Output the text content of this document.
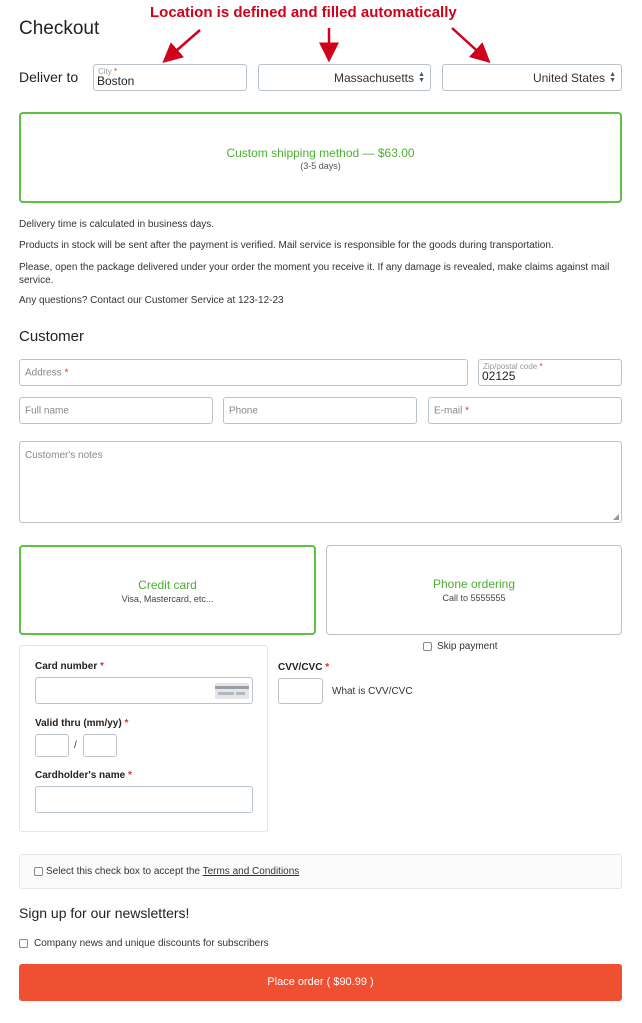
Checkout
Location is defined and filled automatically
Deliver to City *
Boston	Massachusetts ▲
▼	United States ▲
▼
Custom shipping method — $63.00
(3-5 days)
Delivery time is calculated in business days.
Products in stock will be sent after the payment is verified. Mail service is responsible for the goods during transportation.
Please, open the package delivered under your order the moment you receive it. If any damage is revealed, make claims against mail
service.
Any questions? Contact our Customer Service at 123-12-23
Customer
Address *
Zip/postal code *
02125
Full name	Phone	E-mail *
Customer's notes
◢
Credit card
Visa, Mastercard, etc...
Phone ordering
Call to 5555555
Skip payment
Card number *
Valid thru (mm/yy) *
/
Cardholder's name *
CVV/CVC *
What is CVV/CVC
Select this check box to accept the Terms and Conditions
Sign up for our newsletters!
Company news and unique discounts for subscribers
Place order ( $90.99 )
